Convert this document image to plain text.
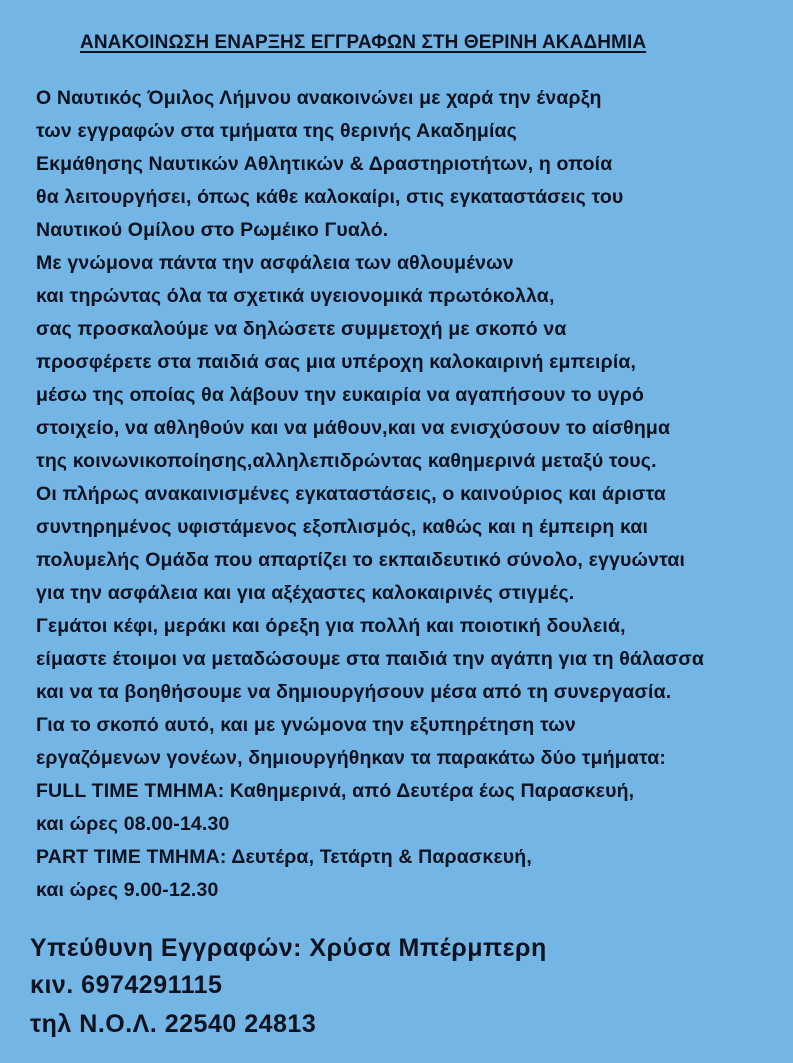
ΑΝΑΚΟΙΝΩΣΗ ΕΝΑΡΞΗΣ ΕΓΓΡΑΦΩΝ ΣΤΗ ΘΕΡΙΝΗ ΑΚΑΔΗΜΙΑ
Ο Ναυτικός Όμιλος Λήμνου ανακοινώνει με χαρά την έναρξη
των εγγραφών στα τμήματα της θερινής Ακαδημίας
Εκμάθησης Ναυτικών Αθλητικών & Δραστηριοτήτων, η οποία
θα λειτουργήσει, όπως κάθε καλοκαίρι, στις εγκαταστάσεις του
Ναυτικού Ομίλου στο Ρωμέικο Γυαλό.
Με γνώμονα πάντα την ασφάλεια των αθλουμένων
και τηρώντας όλα τα σχετικά υγειονομικά πρωτόκολλα,
σας προσκαλούμε να δηλώσετε συμμετοχή με σκοπό να
προσφέρετε στα παιδιά σας μια υπέροχη καλοκαιρινή εμπειρία,
μέσω της οποίας θα λάβουν την ευκαιρία να αγαπήσουν το υγρό
στοιχείο, να αθληθούν και να μάθουν,και να ενισχύσουν το αίσθημα
της κοινωνικοποίησης,αλληλεπιδρώντας καθημερινά μεταξύ τους.
Οι πλήρως ανακαινισμένες εγκαταστάσεις, ο καινούριος και άριστα
συντηρημένος υφιστάμενος εξοπλισμός, καθώς και η έμπειρη και
πολυμελής Ομάδα που απαρτίζει το εκπαιδευτικό σύνολο, εγγυώνται
για την ασφάλεια και για αξέχαστες καλοκαιρινές στιγμές.
Γεμάτοι κέφι, μεράκι και όρεξη για πολλή και ποιοτική δουλειά,
είμαστε έτοιμοι να μεταδώσουμε στα παιδιά την αγάπη για τη θάλασσα
και να τα βοηθήσουμε να δημιουργήσουν μέσα από τη συνεργασία.
Για το σκοπό αυτό, και με γνώμονα την εξυπηρέτηση των
εργαζόμενων γονέων, δημιουργήθηκαν τα παρακάτω δύο τμήματα:
FULL TIME ΤΜΗΜΑ: Καθημερινά, από Δευτέρα έως Παρασκευή,
και ώρες 08.00-14.30
PART TIME ΤΜΗΜΑ: Δευτέρα, Τετάρτη & Παρασκευή,
και ώρες 9.00-12.30
Υπεύθυνη Εγγραφών: Χρύσα Μπέρμπερη
κιν. 6974291115
τηλ Ν.Ο.Λ. 22540 24813
